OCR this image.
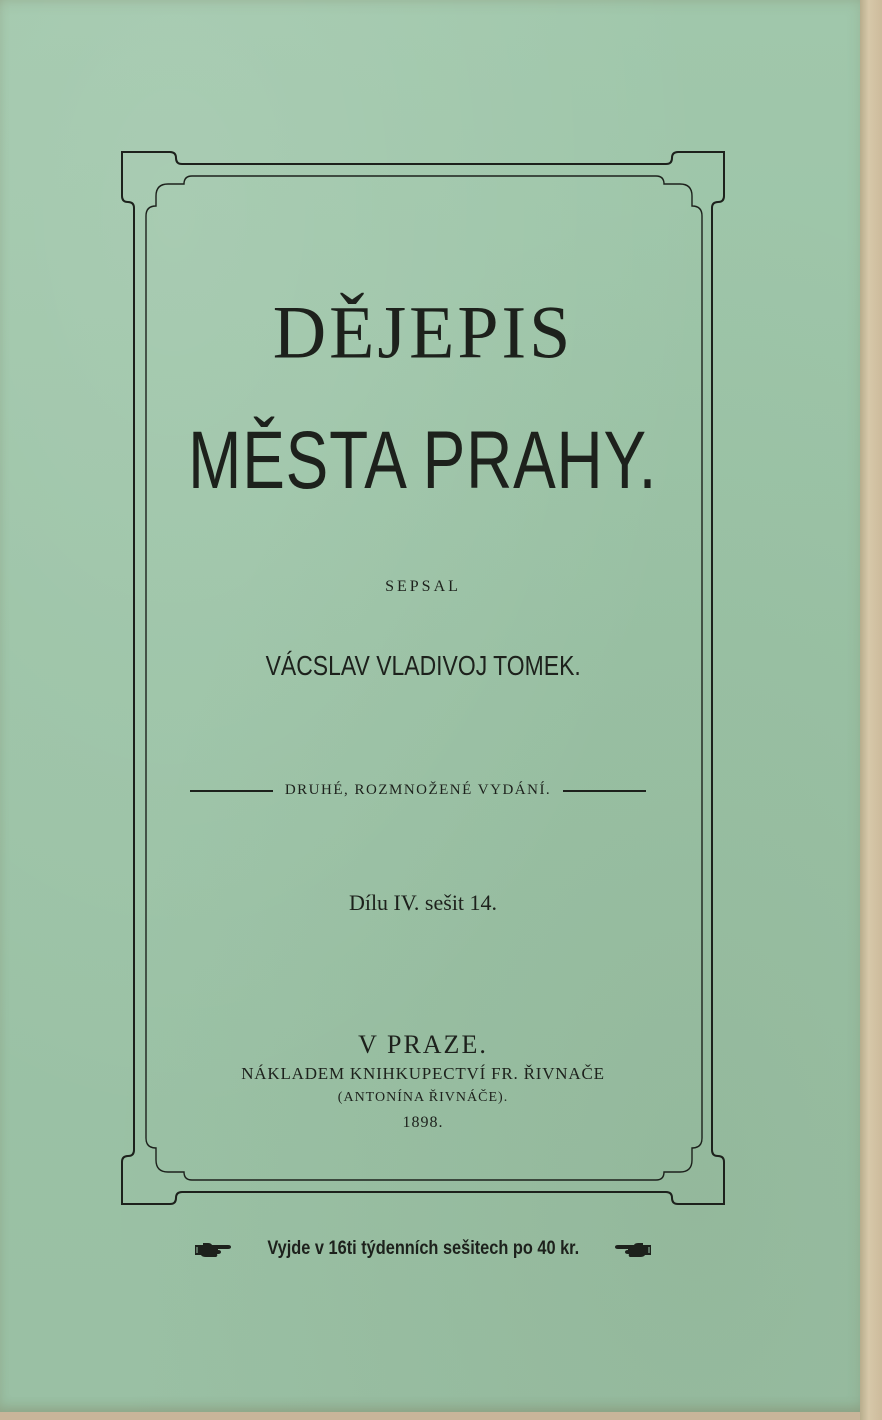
DĚJEPIS
MĚSTA PRAHY.
SEPSAL
VÁCSLAV VLADIVOJ TOMEK.
DRUHÉ, ROZMNOŽENÉ VYDÁNÍ.
Dílu IV. sešit 14.
V PRAZE.
NÁKLADEM KNIHKUPECTVÍ FR. ŘIVNAČE
(ANTONÍNA ŘIVNÁČE).
1898.
Vyjde v 16ti týdenních sešitech po 40 kr.
